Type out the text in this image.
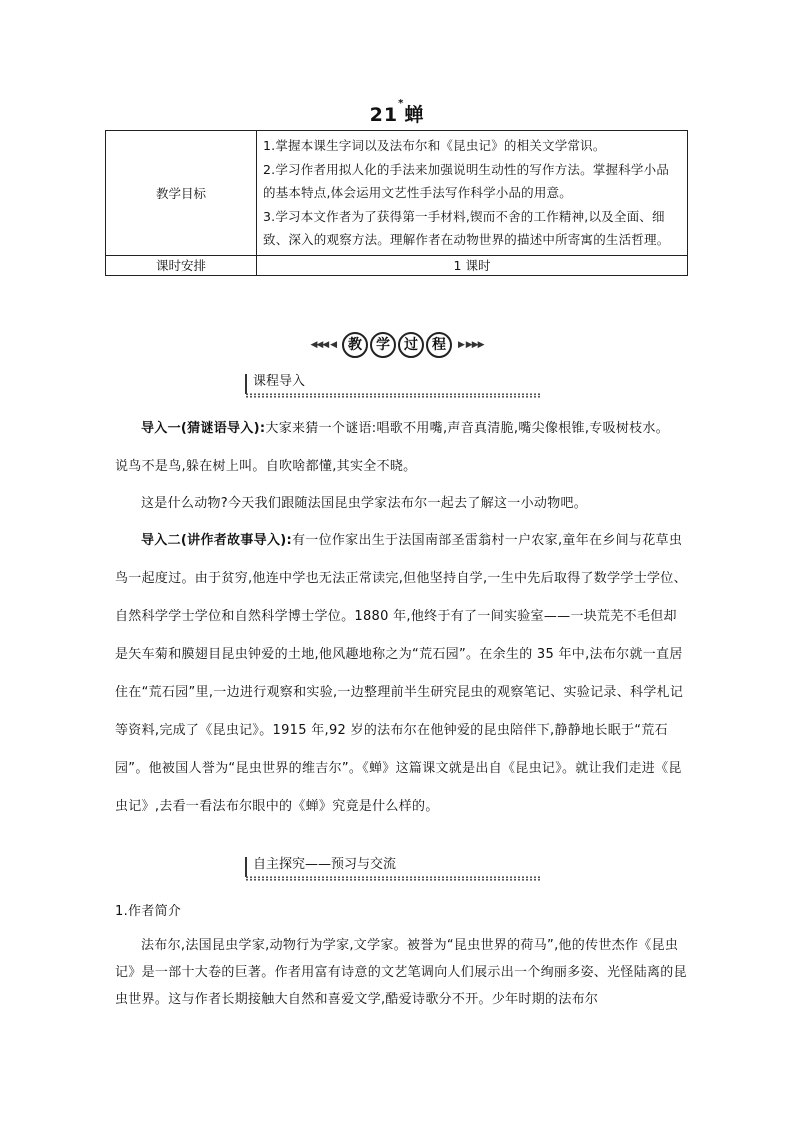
21*蝉
教学目标	1.掌握本课生字词以及法布尔和《昆虫记》的相关文学常识。

2.学习作者用拟人化的手法来加强说明生动性的写作方法。掌握科学小品的基本特点,体会运用文艺性手法写作科学小品的用意。

3.学习本文作者为了获得第一手材料,锲而不舍的工作精神,以及全面、细致、深入的观察方法。理解作者在动物世界的描述中所寄寓的生活哲理。

课时安排	1 课时
◀◀◀ ◀ 教	学	过	程	▶ ▶▶▶
课程导入

导入一(猜谜语导入):大家来猜一个谜语:唱歌不用嘴,声音真清脆,嘴尖像根锥,专吸树枝水。

说鸟不是鸟,躲在树上叫。自吹啥都懂,其实全不晓。

这是什么动物?今天我们跟随法国昆虫学家法布尔一起去了解这一小动物吧。

导入二(讲作者故事导入):有一位作家出生于法国南部圣雷翁村一户农家,童年在乡间与花草虫鸟一起度过。由于贫穷,他连中学也无法正常读完,但他坚持自学,一生中先后取得了数学学士学位、自然科学学士学位和自然科学博士学位。1880 年,他终于有了一间实验室——一块荒芜不毛但却是矢车菊和膜翅目昆虫钟爱的土地,他风趣地称之为“荒石园”。在余生的 35 年中,法布尔就一直居住在“荒石园”里,一边进行观察和实验,一边整理前半生研究昆虫的观察笔记、实验记录、科学札记等资料,完成了《昆虫记》。1915 年,92 岁的法布尔在他钟爱的昆虫陪伴下,静静地长眠于“荒石园”。他被国人誉为“昆虫世界的维吉尔”。《蝉》这篇课文就是出自《昆虫记》。就让我们走进《昆虫记》,去看一看法布尔眼中的《蝉》究竟是什么样的。

自主探究——预习与交流

1.作者简介

法布尔,法国昆虫学家,动物行为学家,文学家。被誉为“昆虫世界的荷马”,他的传世杰作《昆虫记》是一部十大卷的巨著。作者用富有诗意的文艺笔调向人们展示出一个绚丽多姿、光怪陆离的昆虫世界。这与作者长期接触大自然和喜爱文学,酷爱诗歌分不开。少年时期的法布尔
